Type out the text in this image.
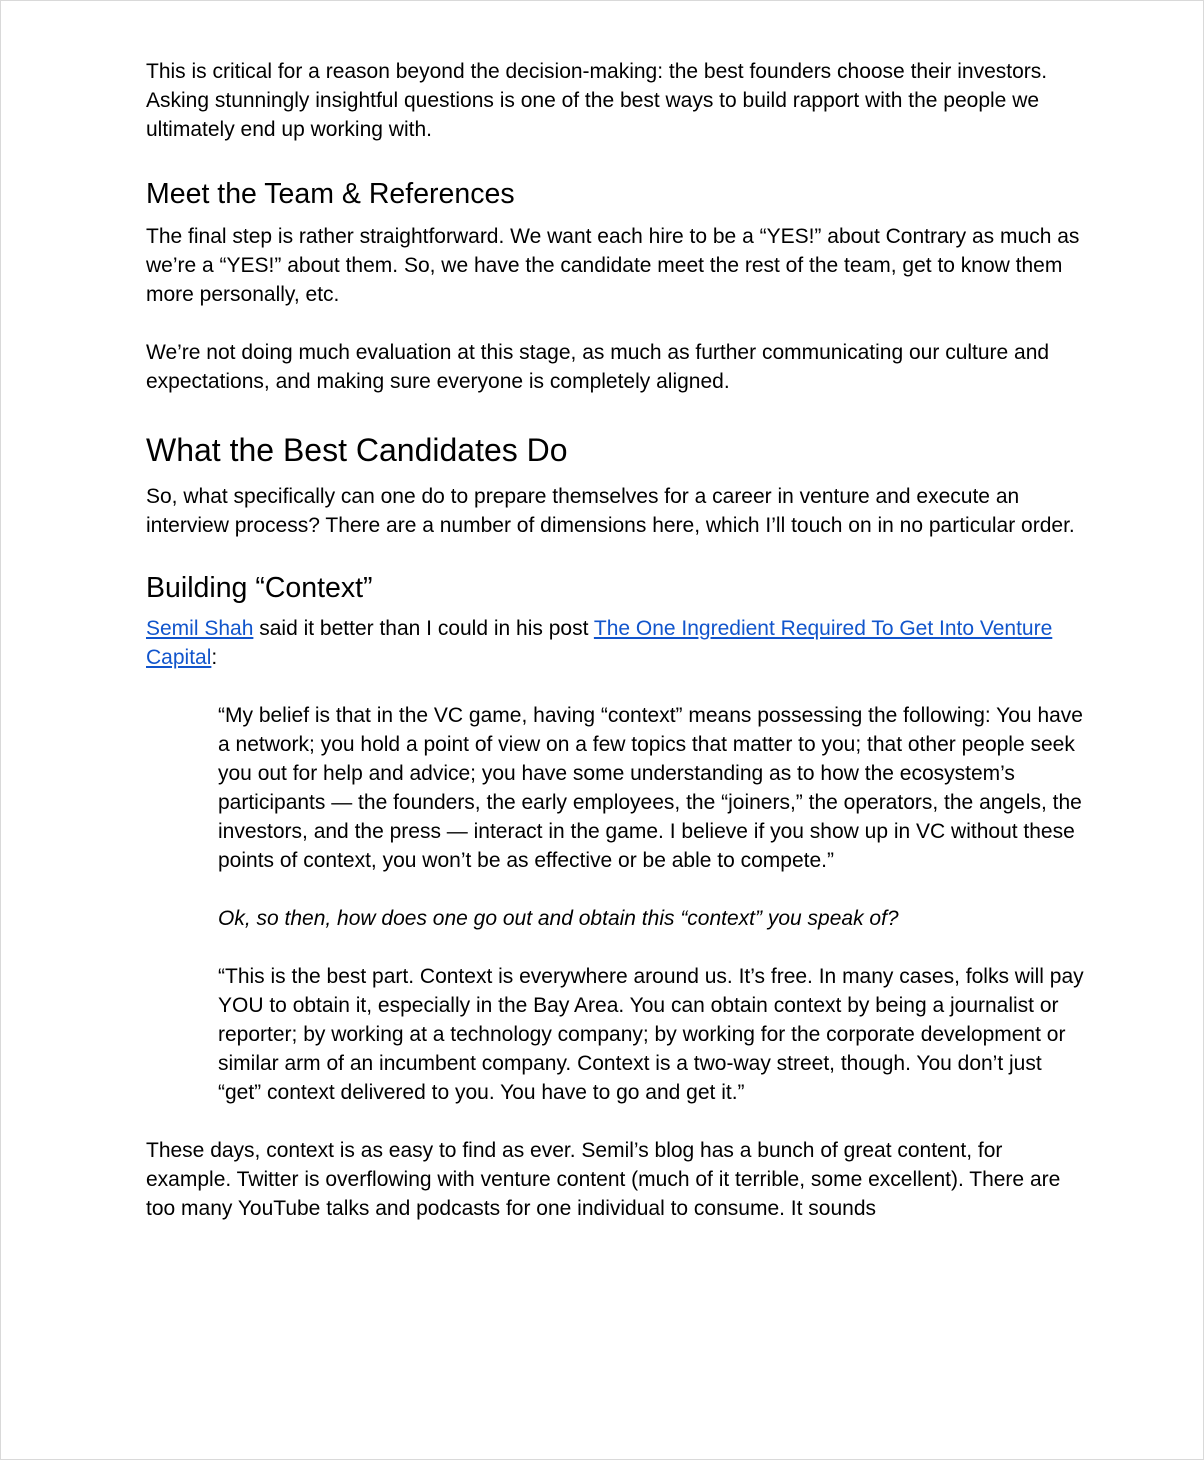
This is critical for a reason beyond the decision-making: the best founders choose their investors. Asking stunningly insightful questions is one of the best ways to build rapport with the people we ultimately end up working with.

Meet the Team & References

The final step is rather straightforward. We want each hire to be a “YES!” about Contrary as much as we’re a “YES!” about them. So, we have the candidate meet the rest of the team, get to know them more personally, etc.

We’re not doing much evaluation at this stage, as much as further communicating our culture and expectations, and making sure everyone is completely aligned.

What the Best Candidates Do

So, what specifically can one do to prepare themselves for a career in venture and execute an interview process? There are a number of dimensions here, which I’ll touch on in no particular order.

Building “Context”

Semil Shah said it better than I could in his post The One Ingredient Required To Get Into Venture Capital:

“My belief is that in the VC game, having “context” means possessing the following: You have a network; you hold a point of view on a few topics that matter to you; that other people seek you out for help and advice; you have some understanding as to how the ecosystem’s participants — the founders, the early employees, the “joiners,” the operators, the angels, the investors, and the press — interact in the game. I believe if you show up in VC without these points of context, you won’t be as effective or be able to compete.”

Ok, so then, how does one go out and obtain this “context” you speak of?

“This is the best part. Context is everywhere around us. It’s free. In many cases, folks will pay YOU to obtain it, especially in the Bay Area. You can obtain context by being a journalist or reporter; by working at a technology company; by working for the corporate development or similar arm of an incumbent company. Context is a two-way street, though. You don’t just “get” context delivered to you. You have to go and get it.”

These days, context is as easy to find as ever. Semil’s blog has a bunch of great content, for example. Twitter is overflowing with venture content (much of it terrible, some excellent). There are too many YouTube talks and podcasts for one individual to consume. It sounds
